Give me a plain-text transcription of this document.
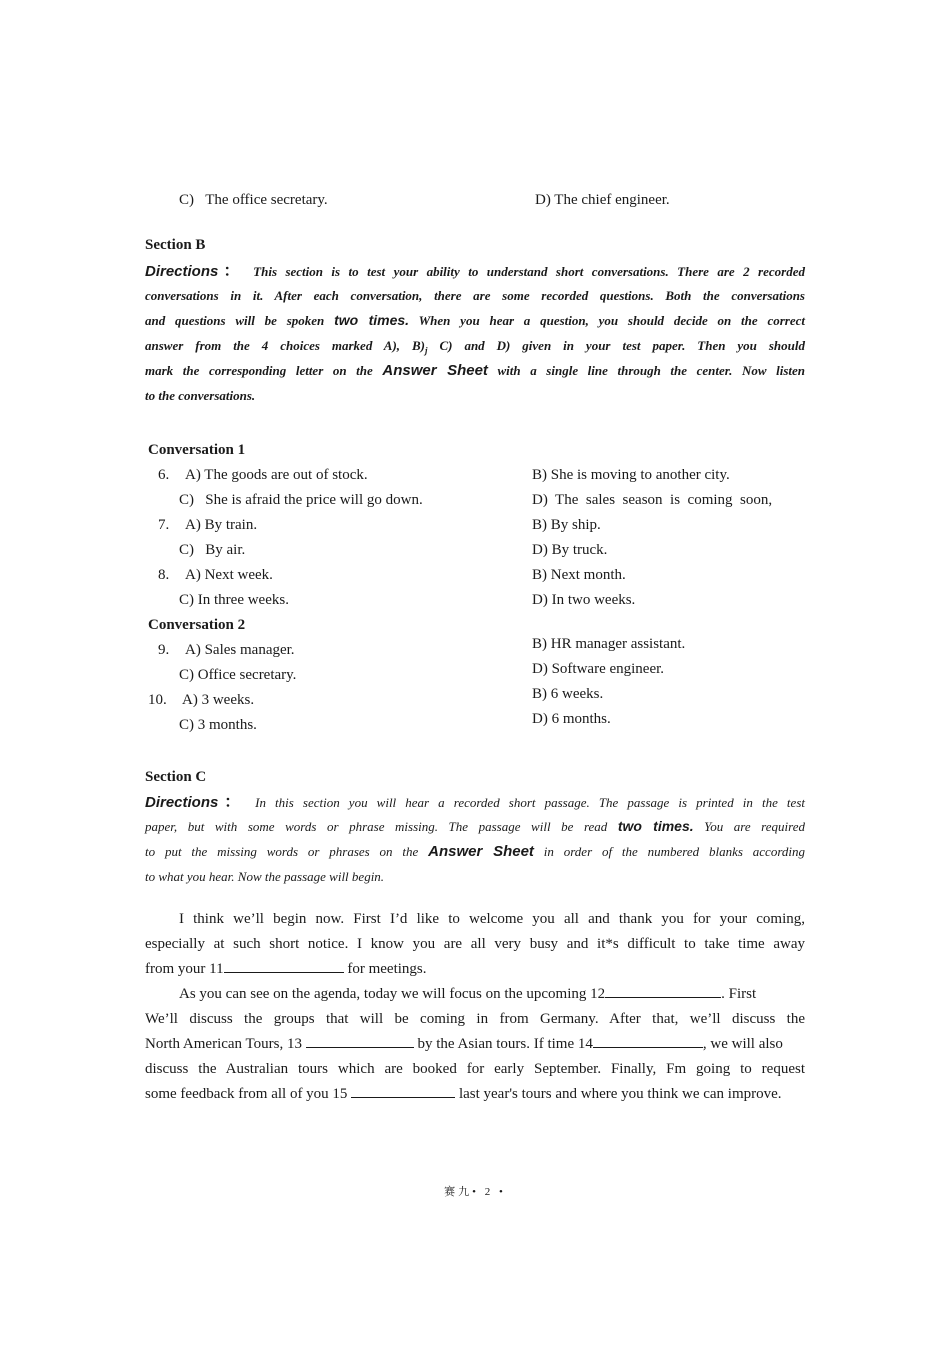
C)   The office secretary.	D) The chief engineer.
Section B
Directions： This section is to test your ability to understand short conversations. There are 2 recorded
conversations in it. After each conversation, there are some recorded questions. Both the conversations
and questions will be spoken two times. When you hear a question, you should decide on the correct
answer from the 4 choices marked A), $B)_j$ C) and D) given in your test paper. Then you should
mark the corresponding letter on the Answer Sheet with a single line through the center. Now listen
to the conversations.
Conversation 1
6. A) The goods are out of stock.	B) She is moving to another city.
C)   She is afraid the price will go down.	D)  The  sales  season  is  coming  soon,
7. A) By train.	B) By ship.
C)   By air.	D) By truck.
8. A) Next week.	B) Next month.
C) In three weeks.	D) In two weeks.
Conversation 2
9. A) Sales manager.	B) HR manager assistant.
C) Office secretary.	D) Software engineer.
10. A) 3 weeks.	B) 6 weeks.
C) 3 months.	D) 6 months.
Section C
Directions： In this section you will hear a recorded short passage. The passage is printed in the test
paper, but with some words or phrase missing. The passage will be read two times. You are required
to put the missing words or phrases on the Answer Sheet in order of the numbered blanks according
to what you hear. Now the passage will begin.
I think we’ll begin now. First I’d like to welcome you all and thank you for your coming,
especially at such short notice. I know you are all very busy and it*s difficult to take time away
from your 11	for meetings.
As you can see on the agenda, today we will focus on the upcoming 12	. First
We’ll discuss the groups that will be coming in from Germany. After that, we’ll discuss the
North American Tours, 13	by the Asian tours. If time 14	, we will also
discuss the Australian tours which are booked for early September. Finally, Fm going to request
some feedback from all of you 15	last year's tours and where you think we can improve.
赛九• 2 •
